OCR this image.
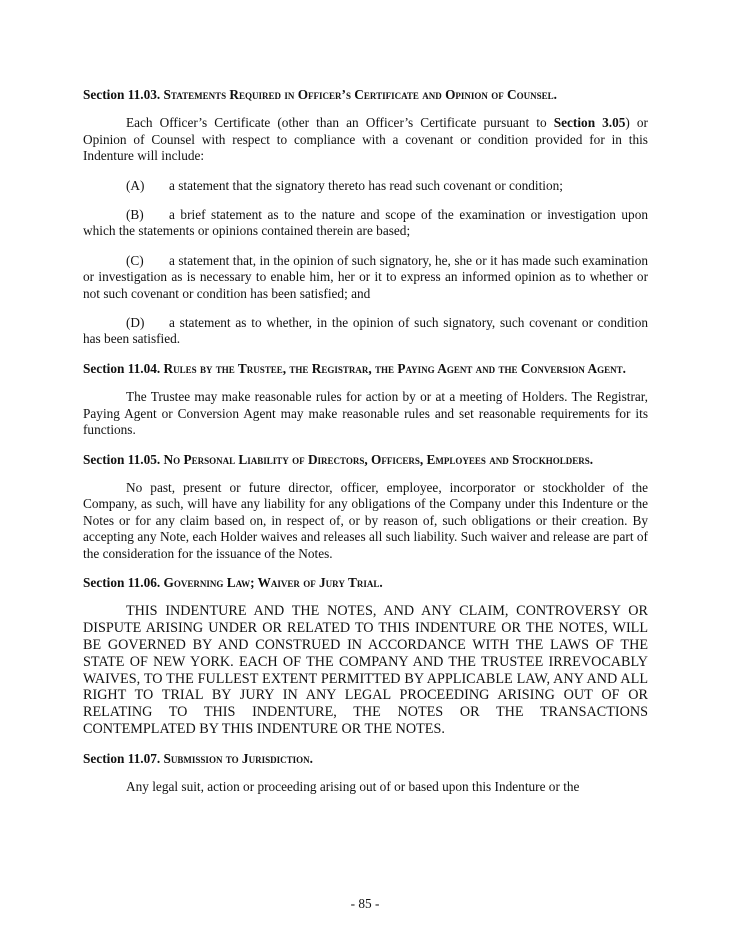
Section 11.03. Statements Required in Officer’s Certificate and Opinion of Counsel.

Each Officer’s Certificate (other than an Officer’s Certificate pursuant to Section 3.05) or Opinion of Counsel with respect to compliance with a covenant or condition provided for in this Indenture will include:

(A) a statement that the signatory thereto has read such covenant or condition;

(B) a brief statement as to the nature and scope of the examination or investigation upon which the statements or opinions contained therein are based;

(C) a statement that, in the opinion of such signatory, he, she or it has made such examination or investigation as is necessary to enable him, her or it to express an informed opinion as to whether or not such covenant or condition has been satisfied; and

(D) a statement as to whether, in the opinion of such signatory, such covenant or condition has been satisfied.

Section 11.04. Rules by the Trustee, the Registrar, the Paying Agent and the Conversion Agent.

The Trustee may make reasonable rules for action by or at a meeting of Holders. The Registrar, Paying Agent or Conversion Agent may make reasonable rules and set reasonable requirements for its functions.

Section 11.05. No Personal Liability of Directors, Officers, Employees and Stockholders.

No past, present or future director, officer, employee, incorporator or stockholder of the Company, as such, will have any liability for any obligations of the Company under this Indenture or the Notes or for any claim based on, in respect of, or by reason of, such obligations or their creation. By accepting any Note, each Holder waives and releases all such liability. Such waiver and release are part of the consideration for the issuance of the Notes.

Section 11.06. Governing Law; Waiver of Jury Trial.

THIS INDENTURE AND THE NOTES, AND ANY CLAIM, CONTROVERSY OR DISPUTE ARISING UNDER OR RELATED TO THIS INDENTURE OR THE NOTES, WILL BE GOVERNED BY AND CONSTRUED IN ACCORDANCE WITH THE LAWS OF THE STATE OF NEW YORK. EACH OF THE COMPANY AND THE TRUSTEE IRREVOCABLY WAIVES, TO THE FULLEST EXTENT PERMITTED BY APPLICABLE LAW, ANY AND ALL RIGHT TO TRIAL BY JURY IN ANY LEGAL PROCEEDING ARISING OUT OF OR RELATING TO THIS INDENTURE, THE NOTES OR THE TRANSACTIONS CONTEMPLATED BY THIS INDENTURE OR THE NOTES.

Section 11.07. Submission to Jurisdiction.

Any legal suit, action or proceeding arising out of or based upon this Indenture or the

- 85 -
